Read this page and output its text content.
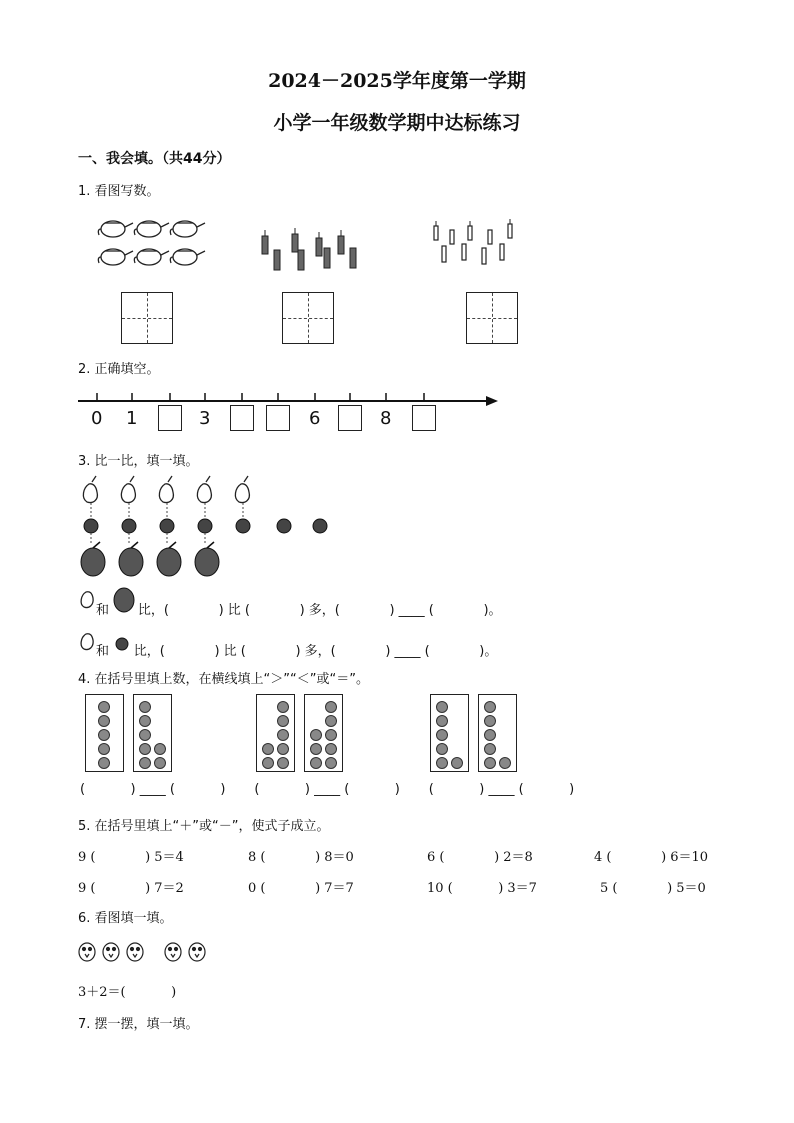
2024－2025学年度第一学期
小学一年级数学期中达标练习
一、我会填。（共44分）
1. 看图写数。
2. 正确填空。
0 1	3	6	8
3. 比一比，填一填。
和       比，(            ) 比 (            ) 多，(            ) ____ (            )。
和      比，(            ) 比 (            ) 多，(            ) ____ (            )。
4. 在括号里填上数，在横线填上“＞”“＜”或“＝”。
(           ) ____ (           )       (           ) ____ (           )       (           ) ____ (           )
5. 在括号里填上“＋”或“－”，使式子成立。
9 (            ) 5＝4	8 (            ) 8＝0	6 (            ) 2＝8	4 (            ) 6＝10
9 (            ) 7＝2	0 (            ) 7＝7	10 (           ) 3＝7	5 (            ) 5＝0
6. 看图填一填。
3＋2＝(           )
7. 摆一摆，填一填。
